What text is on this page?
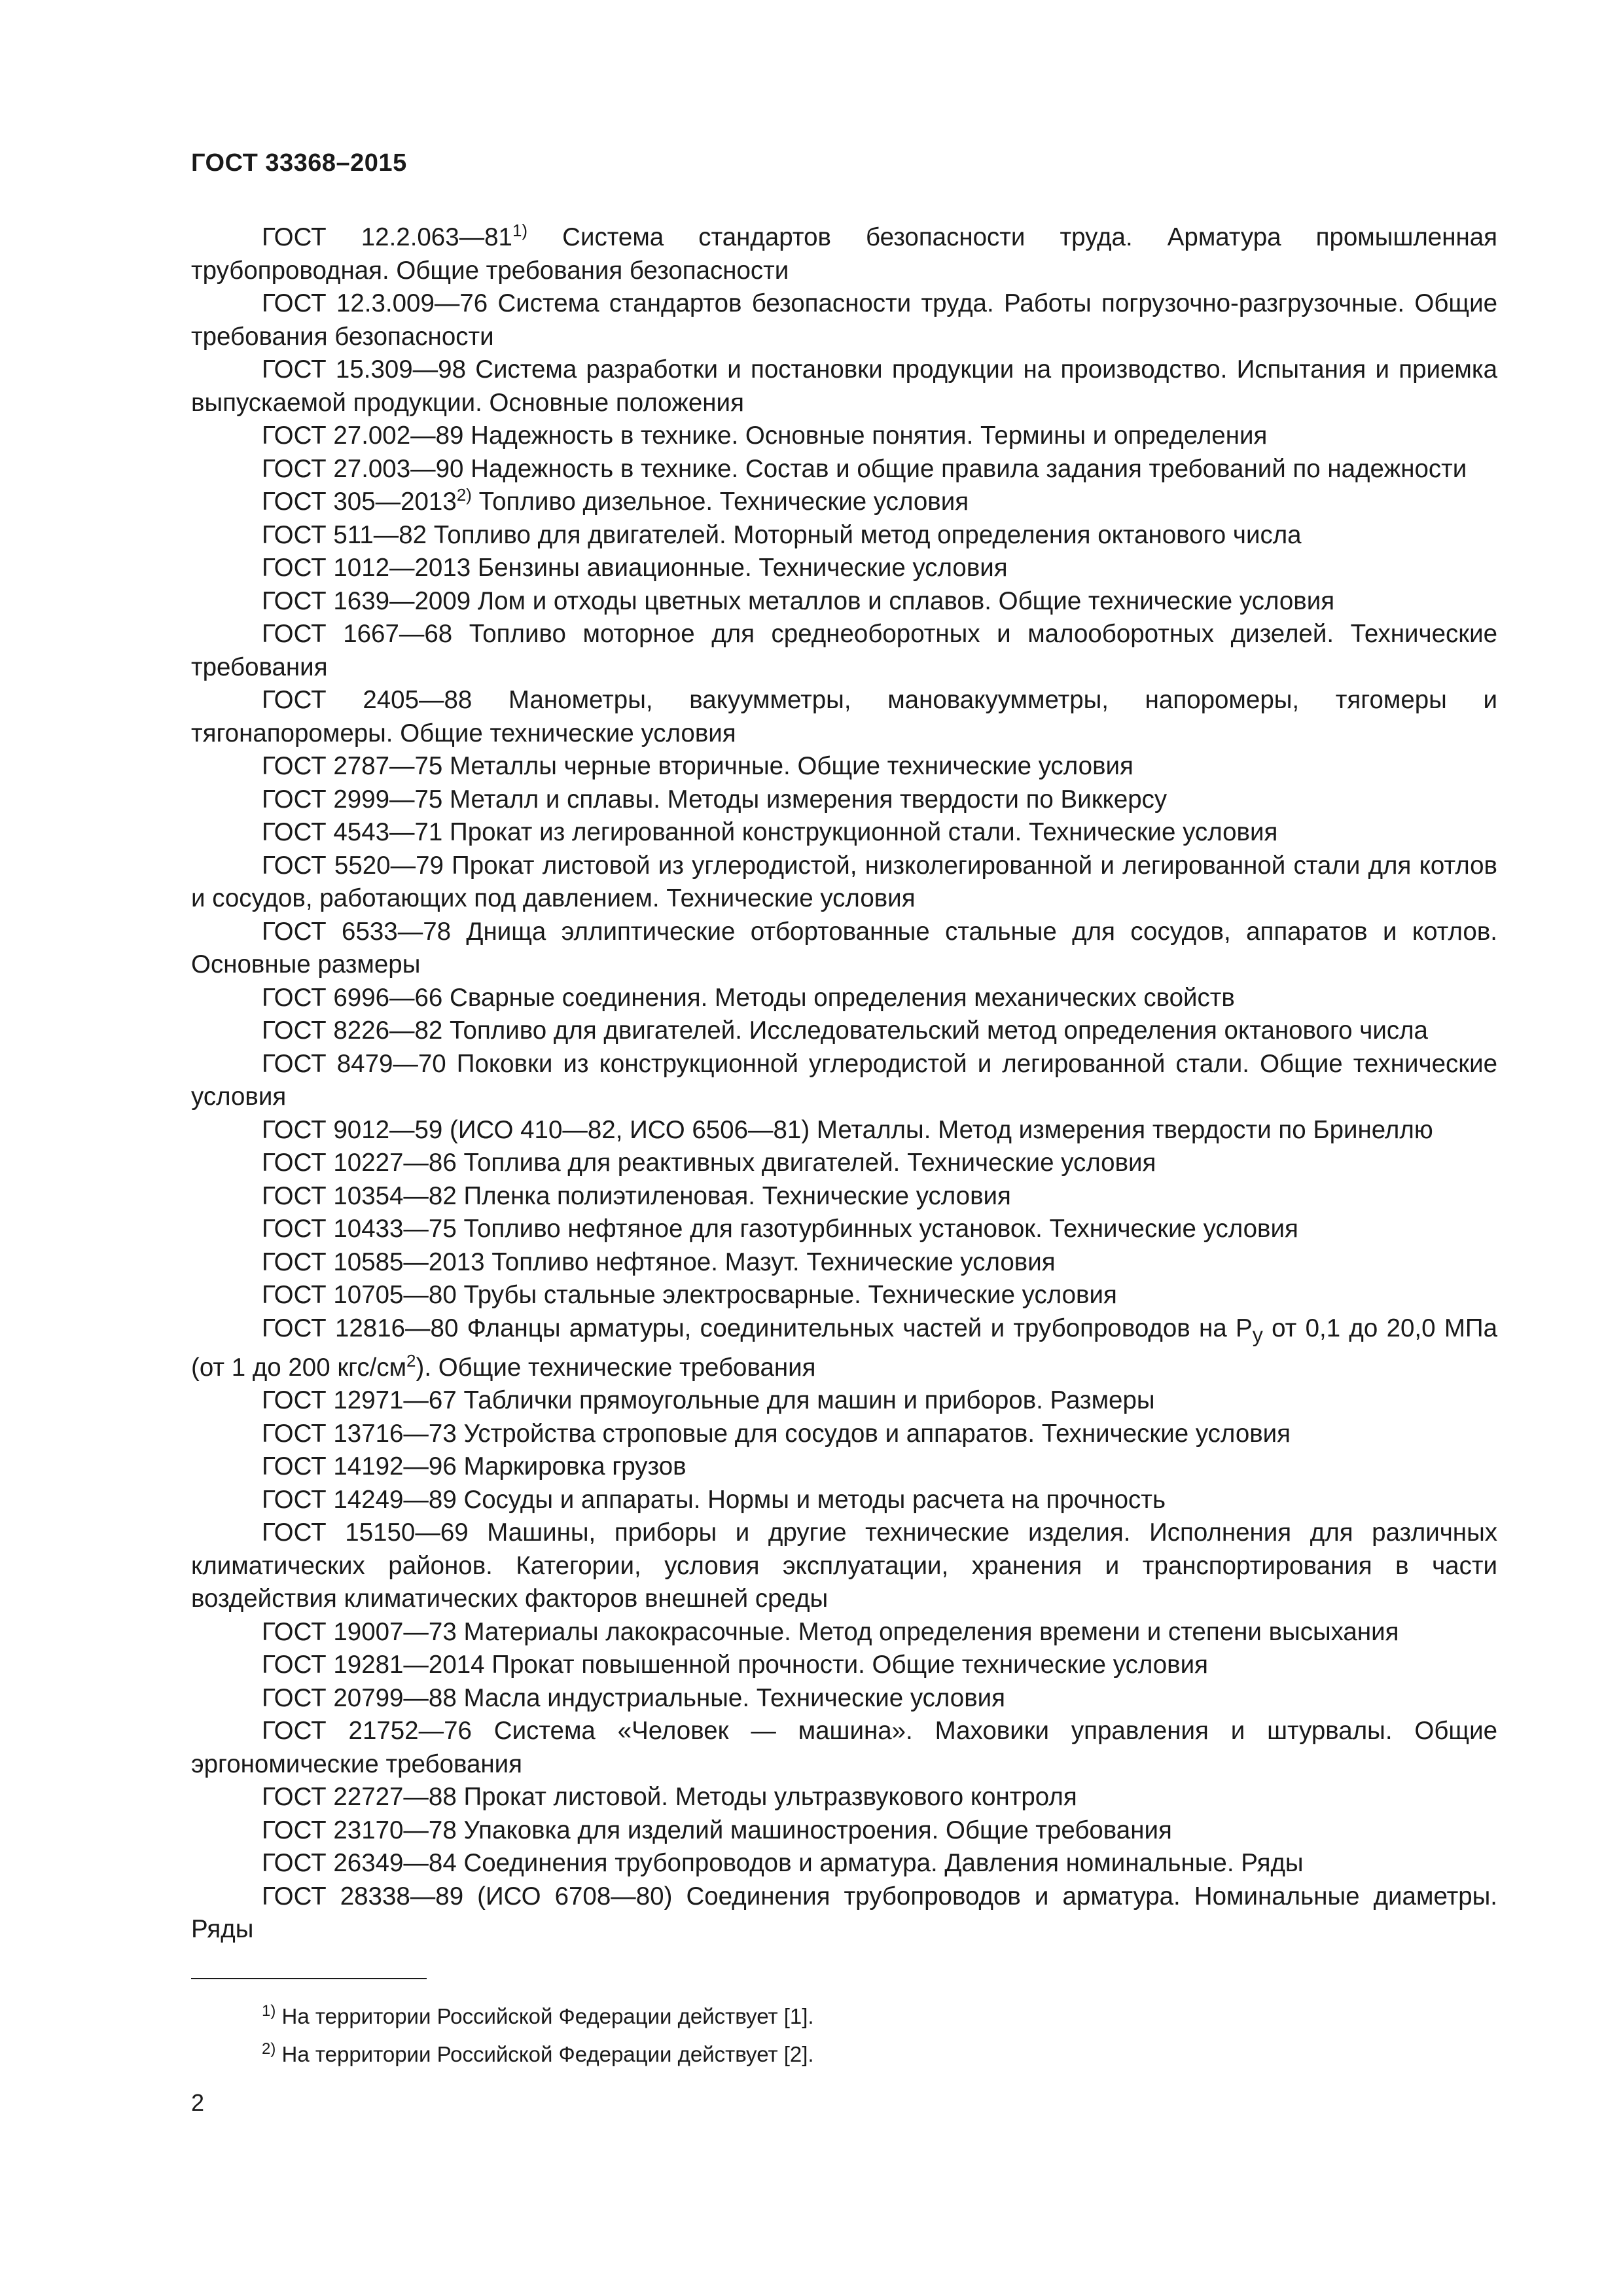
ГОСТ 33368–2015

ГОСТ 12.2.063—81$^{1)}$ Система стандартов безопасности труда. Арматура промышленная трубопроводная. Общие требования безопасности

ГОСТ 12.3.009—76 Система стандартов безопасности труда. Работы погрузочно-разгрузочные. Общие требования безопасности

ГОСТ 15.309—98 Система разработки и постановки продукции на производство. Испытания и приемка выпускаемой продукции. Основные положения

ГОСТ 27.002—89 Надежность в технике. Основные понятия. Термины и определения

ГОСТ 27.003—90 Надежность в технике. Состав и общие правила задания требований по надежности

ГОСТ 305—2013$^{2)}$ Топливо дизельное. Технические условия

ГОСТ 511—82 Топливо для двигателей. Моторный метод определения октанового числа

ГОСТ 1012—2013 Бензины авиационные. Технические условия

ГОСТ 1639—2009 Лом и отходы цветных металлов и сплавов. Общие технические условия

ГОСТ 1667—68 Топливо моторное для среднеоборотных и малооборотных дизелей. Технические требования

ГОСТ 2405—88 Манометры, вакуумметры, мановакуумметры, напоромеры, тягомеры и тягонапоромеры. Общие технические условия

ГОСТ 2787—75 Металлы черные вторичные. Общие технические условия

ГОСТ 2999—75 Металл и сплавы. Методы измерения твердости по Виккерсу

ГОСТ 4543—71 Прокат из легированной конструкционной стали. Технические условия

ГОСТ 5520—79 Прокат листовой из углеродистой, низколегированной и легированной стали для котлов и сосудов, работающих под давлением. Технические условия

ГОСТ 6533—78 Днища эллиптические отбортованные стальные для сосудов, аппаратов и котлов. Основные размеры

ГОСТ 6996—66 Сварные соединения. Методы определения механических свойств

ГОСТ 8226—82 Топливо для двигателей. Исследовательский метод определения октанового числа

ГОСТ 8479—70 Поковки из конструкционной углеродистой и легированной стали. Общие технические условия

ГОСТ 9012—59 (ИСО 410—82, ИСО 6506—81) Металлы. Метод измерения твердости по Бринеллю

ГОСТ 10227—86 Топлива для реактивных двигателей. Технические условия

ГОСТ 10354—82 Пленка полиэтиленовая. Технические условия

ГОСТ 10433—75 Топливо нефтяное для газотурбинных установок. Технические условия

ГОСТ 10585—2013 Топливо нефтяное. Мазут. Технические условия

ГОСТ 10705—80 Трубы стальные электросварные. Технические условия

ГОСТ 12816—80 Фланцы арматуры, соединительных частей и трубопроводов на $P_у$ от 0,1 до 20,0 МПа (от 1 до 200 кгс/$см^2$). Общие технические требования

ГОСТ 12971—67 Таблички прямоугольные для машин и приборов. Размеры

ГОСТ 13716—73 Устройства строповые для сосудов и аппаратов. Технические условия

ГОСТ 14192—96 Маркировка грузов

ГОСТ 14249—89 Сосуды и аппараты. Нормы и методы расчета на прочность

ГОСТ 15150—69 Машины, приборы и другие технические изделия. Исполнения для различных климатических районов. Категории, условия эксплуатации, хранения и транспортирования в части воздействия климатических факторов внешней среды

ГОСТ 19007—73 Материалы лакокрасочные. Метод определения времени и степени высыхания

ГОСТ 19281—2014 Прокат повышенной прочности. Общие технические условия

ГОСТ 20799—88 Масла индустриальные. Технические условия

ГОСТ 21752—76 Система «Человек — машина». Маховики управления и штурвалы. Общие эргономические требования

ГОСТ 22727—88 Прокат листовой. Методы ультразвукового контроля

ГОСТ 23170—78 Упаковка для изделий машиностроения. Общие требования

ГОСТ 26349—84 Соединения трубопроводов и арматура. Давления номинальные. Ряды

ГОСТ 28338—89 (ИСО 6708—80) Соединения трубопроводов и арматура. Номинальные диаметры. Ряды

$^{1)}$ На территории Российской Федерации действует [1].

$^{2)}$ На территории Российской Федерации действует [2].

2
